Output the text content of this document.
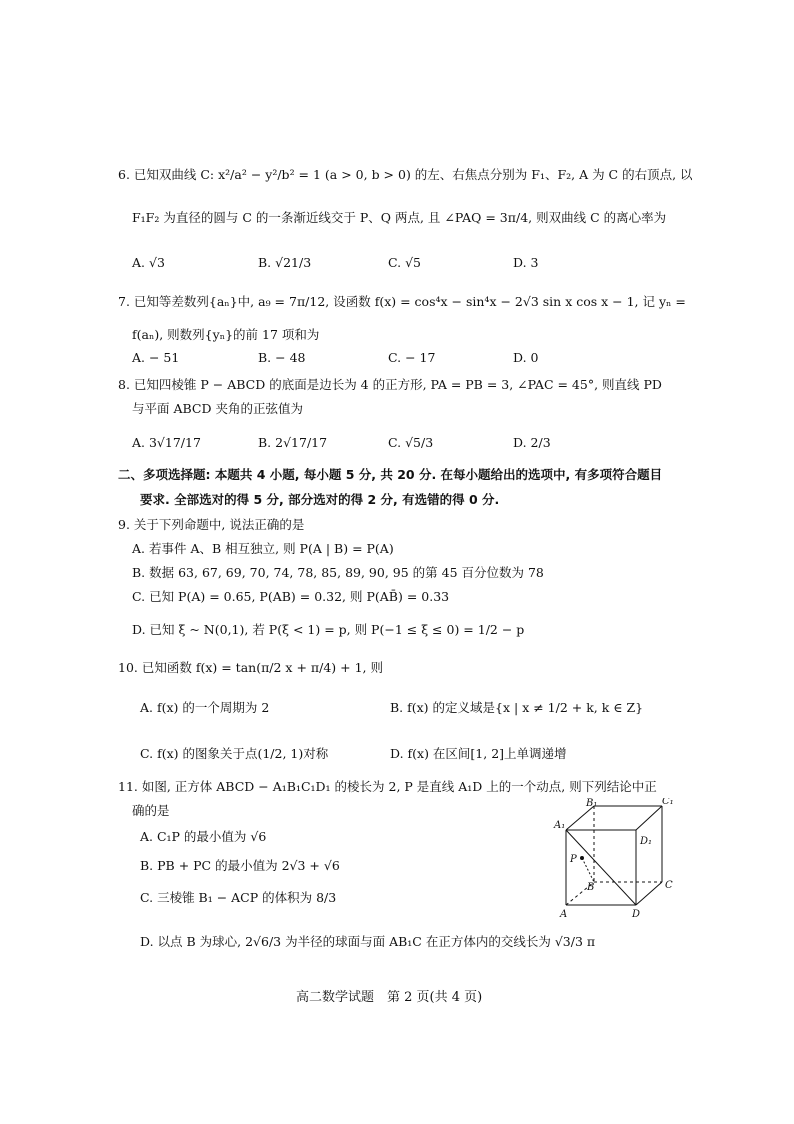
6. 已知双曲线 C: x²/a² − y²/b² = 1 (a > 0, b > 0) 的左、右焦点分别为 F₁、F₂, A 为 C 的右顶点, 以
F₁F₂ 为直径的圆与 C 的一条渐近线交于 P、Q 两点, 且 ∠PAQ = 3π/4, 则双曲线 C 的离心率为
A. √3	B. √21/3	C. √5	D. 3
7. 已知等差数列{aₙ}中, a₉ = 7π/12, 设函数 f(x) = cos⁴x − sin⁴x − 2√3 sin x cos x − 1, 记 yₙ =
f(aₙ), 则数列{yₙ}的前 17 项和为
A. − 51	B. − 48	C. − 17	D. 0
8. 已知四棱锥 P − ABCD 的底面是边长为 4 的正方形, PA = PB = 3, ∠PAC = 45°, 则直线 PD
与平面 ABCD 夹角的正弦值为
A. 3√17/17	B. 2√17/17	C. √5/3	D. 2/3
二、多项选择题: 本题共 4 小题, 每小题 5 分, 共 20 分. 在每小题给出的选项中, 有多项符合题目
要求. 全部选对的得 5 分, 部分选对的得 2 分, 有选错的得 0 分.
9. 关于下列命题中, 说法正确的是
A. 若事件 A、B 相互独立, 则 P(A | B) = P(A)
B. 数据 63, 67, 69, 70, 74, 78, 85, 89, 90, 95 的第 45 百分位数为 78
C. 已知 P(A) = 0.65, P(AB) = 0.32, 则 P(AB̄) = 0.33
D. 已知 ξ ~ N(0,1), 若 P(ξ < 1) = p, 则 P(−1 ≤ ξ ≤ 0) = 1/2 − p
10. 已知函数 f(x) = tan(π/2 x + π/4) + 1, 则
A. f(x) 的一个周期为 2	B. f(x) 的定义域是{x | x ≠ 1/2 + k, k ∈ Z}
C. f(x) 的图象关于点(1/2, 1)对称	D. f(x) 在区间[1, 2]上单调递增
11. 如图, 正方体 ABCD − A₁B₁C₁D₁ 的棱长为 2, P 是直线 A₁D 上的一个动点, 则下列结论中正
确的是
A. C₁P 的最小值为 √6
B. PB + PC 的最小值为 2√3 + √6
C. 三棱锥 B₁ − ACP 的体积为 8/3
D. 以点 B 为球心, 2√6/3 为半径的球面与面 AB₁C 在正方体内的交线长为 √3/3 π
B₁	C₁
A₁
D₁
P
B	C
A	D
高二数学试题　第 2 页(共 4 页)
